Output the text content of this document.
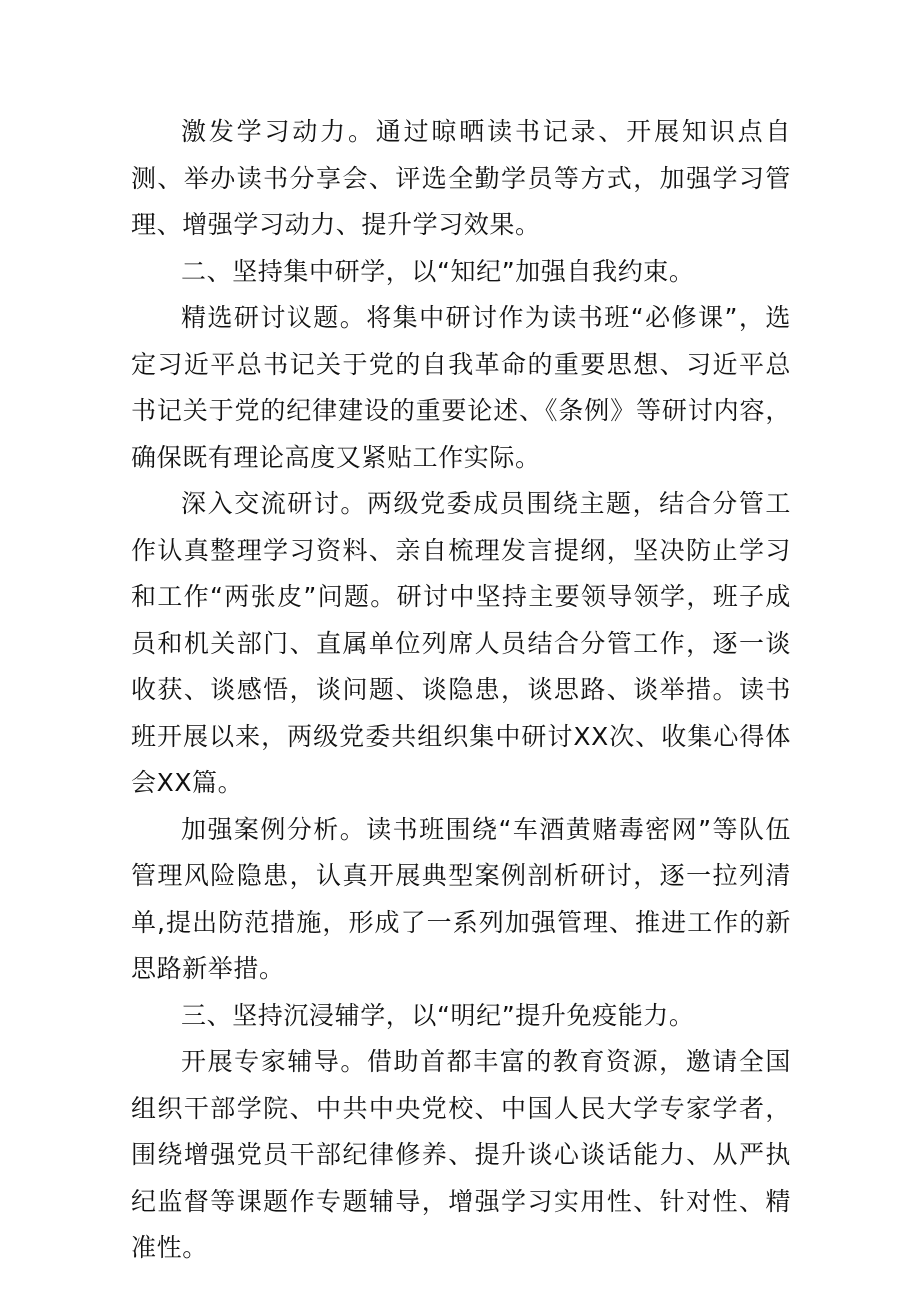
激发学习动力。通过晾晒读书记录、开展知识点自测、举办读书分享会、评选全勤学员等方式，加强学习管理、增强学习动力、提升学习效果。

二、坚持集中研学，以“知纪”加强自我约束。

精选研讨议题。将集中研讨作为读书班“必修课”，选定习近平总书记关于党的自我革命的重要思想、习近平总书记关于党的纪律建设的重要论述、《条例》等研讨内容，确保既有理论高度又紧贴工作实际。

深入交流研讨。两级党委成员围绕主题，结合分管工作认真整理学习资料、亲自梳理发言提纲，坚决防止学习和工作“两张皮”问题。研讨中坚持主要领导领学，班子成员和机关部门、直属单位列席人员结合分管工作，逐一谈收获、谈感悟，谈问题、谈隐患，谈思路、谈举措。读书班开展以来，两级党委共组织集中研讨XX次、收集心得体会XX篇。

加强案例分析。读书班围绕“车酒黄赌毒密网”等队伍管理风险隐患，认真开展典型案例剖析研讨，逐一拉列清单,提出防范措施，形成了一系列加强管理、推进工作的新思路新举措。

三、坚持沉浸辅学，以“明纪”提升免疫能力。

开展专家辅导。借助首都丰富的教育资源，邀请全国组织干部学院、中共中央党校、中国人民大学专家学者，围绕增强党员干部纪律修养、提升谈心谈话能力、从严执纪监督等课题作专题辅导，增强学习实用性、针对性、精准性。
